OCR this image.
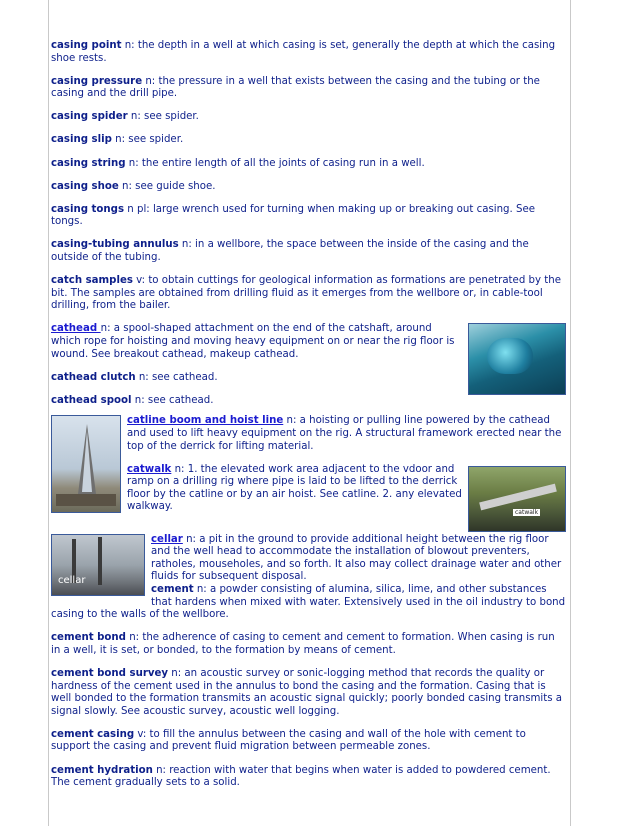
casing point n: the depth in a well at which casing is set, generally the depth at which the casing shoe rests.
casing pressure n: the pressure in a well that exists between the casing and the tubing or the casing and the drill pipe.
casing spider n: see spider.
casing slip n: see spider.
casing string n: the entire length of all the joints of casing run in a well.
casing shoe n: see guide shoe.
casing tongs n pl: large wrench used for turning when making up or breaking out casing. See tongs.
casing-tubing annulus n: in a wellbore, the space between the inside of the casing and the outside of the tubing.
catch samples v: to obtain cuttings for geological information as formations are penetrated by the bit. The samples are obtained from drilling fluid as it emerges from the wellbore or, in cable-tool drilling, from the bailer.
cathead n: a spool-shaped attachment on the end of the catshaft, around which rope for hoisting and moving heavy equipment on or near the rig floor is wound. See breakout cathead, makeup cathead.
cathead clutch n: see cathead.
cathead spool n: see cathead.
catline boom and hoist line n: a hoisting or pulling line powered by the cathead and used to lift heavy equipment on the rig. A structural framework erected near the top of the derrick for lifting material.
catwalk
catwalk n: 1. the elevated work area adjacent to the vdoor and ramp on a drilling rig where pipe is laid to be lifted to the derrick floor by the catline or by an air hoist. See catline. 2. any elevated walkway.
cellar
cellar n: a pit in the ground to provide additional height between the rig floor and the well head to accommodate the installation of blowout preventers, ratholes, mouseholes, and so forth. It also may collect drainage water and other fluids for subsequent disposal.
cement n: a powder consisting of alumina, silica, lime, and other substances that hardens when mixed with water. Extensively used in the oil industry to bond casing to the walls of the wellbore.
cement bond n: the adherence of casing to cement and cement to formation. When casing is run in a well, it is set, or bonded, to the formation by means of cement.
cement bond survey n: an acoustic survey or sonic-logging method that records the quality or hardness of the cement used in the annulus to bond the casing and the formation. Casing that is well bonded to the formation transmits an acoustic signal quickly; poorly bonded casing transmits a signal slowly. See acoustic survey, acoustic well logging.
cement casing v: to fill the annulus between the casing and wall of the hole with cement to support the casing and prevent fluid migration between permeable zones.
cement hydration n: reaction with water that begins when water is added to powdered cement. The cement gradually sets to a solid.
